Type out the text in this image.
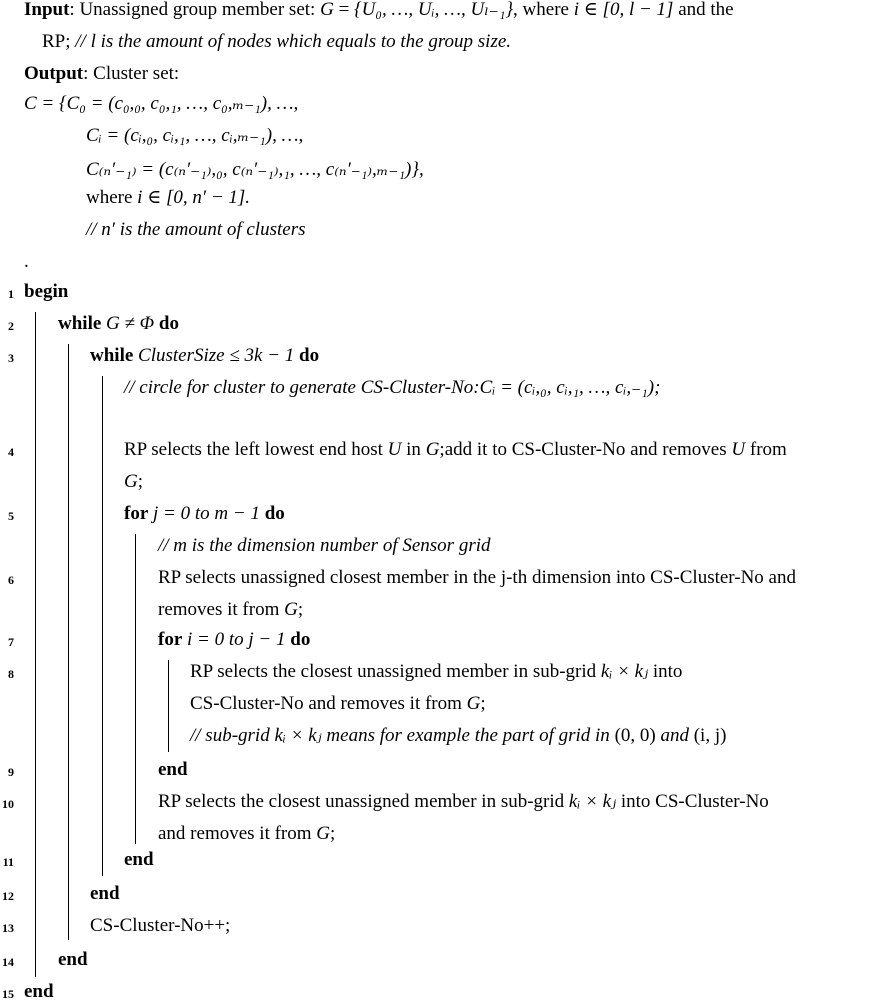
Input: Unassigned group member set: G = {U₀, …, Uᵢ, …, Uₗ₋₁}, where i ∈ [0, l − 1] and the
RP; // l is the amount of nodes which equals to the group size.
Output: Cluster set:
C = {C₀ = (c₀,₀, c₀,₁, …, c₀,ₘ₋₁), …,
Cᵢ = (cᵢ,₀, cᵢ,₁, …, cᵢ,ₘ₋₁), …,
C₍ₙ′₋₁₎ = (c₍ₙ′₋₁₎,₀, c₍ₙ′₋₁₎,₁, …, c₍ₙ′₋₁₎,ₘ₋₁)},
where i ∈ [0, n′ − 1].
// n′ is the amount of clusters
.
1 begin
2 while G ≠ Φ do
3	while ClusterSize ≤ 3k − 1 do
// circle for cluster to generate CS-Cluster-No:Cᵢ = (cᵢ,₀, cᵢ,₁, …, cᵢ,₋₁);
4	RP selects the left lowest end host U in G;add it to CS-Cluster-No and removes U from
G;
5	for j = 0 to m − 1 do
// m is the dimension number of Sensor grid
6	RP selects unassigned closest member in the j-th dimension into CS-Cluster-No and
removes it from G;
7	for i = 0 to j − 1 do
8	RP selects the closest unassigned member in sub-grid kᵢ × kⱼ into
CS-Cluster-No and removes it from G;
// sub-grid kᵢ × kⱼ means for example the part of grid in (0, 0) and (i, j)
9	end
10	RP selects the closest unassigned member in sub-grid kᵢ × kⱼ into CS-Cluster-No
and removes it from G;
11	end
12	end
13	CS-Cluster-No++;
14 end
15 end
